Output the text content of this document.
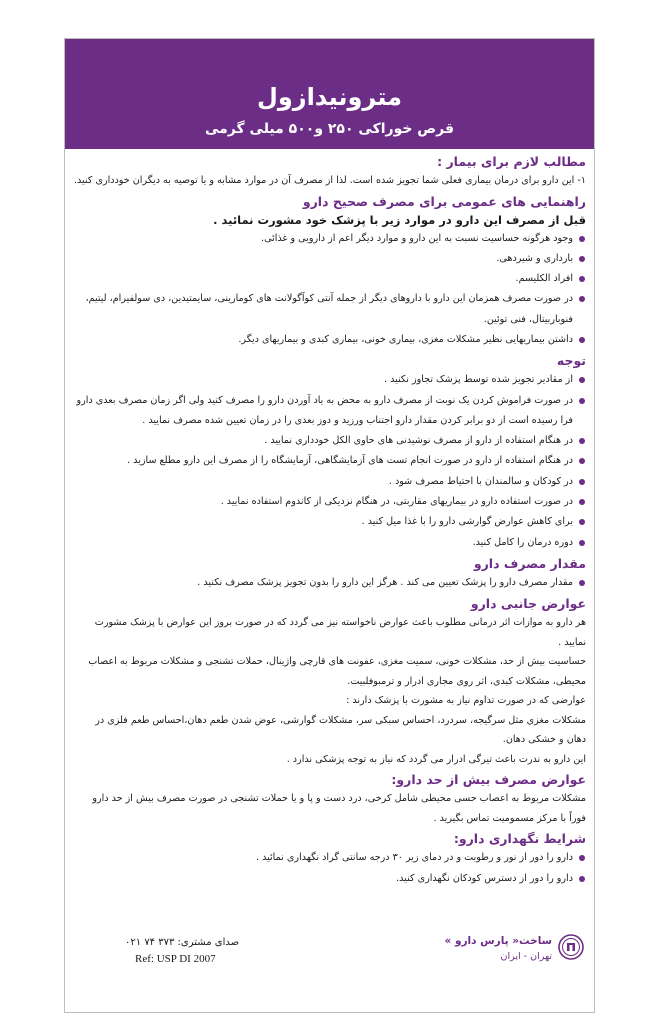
مترونیدازول
قرص خوراکی ۲۵۰ و۵۰۰ میلی گرمی
مطالب لازم برای بیمار :
۱- این دارو برای درمان بیماری فعلی شما تجویز شده است. لذا از مصرف آن در موارد مشابه و یا توصیه به دیگران خودداری کنید.
راهنمایی های عمومی برای مصرف صحیح دارو
قبل از مصرف این دارو در موارد زیر با پزشک خود مشورت نمائید .
وجود هرگونه حساسیت نسبت به این دارو و موارد دیگر اعم از دارویی و غذائی.
بارداری و شیردهی.
افراد الکلیسم.
در صورت مصرف همزمان این دارو با داروهای دیگر از جمله آنتی کوآگولانت های کومارینی، سایمتیدین، دی سولفیرام، لیتیم، فنوباربیتال، فنی توئین.
داشتن بیماریهایی نظیر مشکلات مغزی، بیماری خونی، بیماری کبدی و بیماریهای دیگر.
توجه
از مقادیر تجویز شده توسط پزشک تجاوز نکنید .
در صورت فراموش کردن یک نوبت از مصرف دارو به محض به یاد آوردن دارو را مصرف کنید ولی اگر زمان مصرف بعدی دارو فرا رسیده است از دو برابر کردن مقدار دارو اجتناب ورزید و دوز بعدی را در زمان تعیین شده مصرف نمایید .
در هنگام استفاده از دارو از مصرف نوشیدنی های حاوی الکل خودداری نمایید .
در هنگام استفاده از دارو در صورت انجام تست های آزمایشگاهی، آزمایشگاه را از مصرف این دارو مطلع سازید .
در کودکان و سالمندان با احتیاط مصرف شود .
در صورت استفاده دارو در بیماریهای مقاربتی، در هنگام نزدیکی از کاندوم استفاده نمایید .
برای کاهش عوارض گوارشی دارو را با غذا میل کنید .
دوره درمان را کامل کنید.
مقدار مصرف دارو
مقدار مصرف دارو را پزشک تعیین می کند . هرگز این دارو را بدون تجویز پزشک مصرف نکنید .
عوارض جانبی دارو
هر دارو به موازات اثر درمانی مطلوب باعث عوارض ناخواسته نیز می گردد که در صورت بروز این عوارض با پزشک مشورت نمایید .
حساسیت بیش از حد، مشکلات خونی، سمیت مغزی، عفونت های قارچی واژینال، حملات تشنجی و مشکلات مربوط به اعصاب محیطی، مشکلات کبدی، اثر روی مجاری ادرار و ترمبوفلبیت.
عوارضی که در صورت تداوم نیاز به مشورت با پزشک دارند :
مشکلات مغزی مثل سرگیجه، سردرد، احساس سبکی سر، مشکلات گوارشی، عوض شدن طعم دهان،احساس طعم فلزی در دهان و خشکی دهان.
این دارو به ندرت باعث تیرگی ادرار می گردد که نیاز به توجه پزشکی ندارد .
عوارض مصرف بیش از حد دارو:
مشکلات مربوط به اعصاب حسی محیطی شامل کرخی، درد دست و پا و یا حملات تشنجی در صورت مصرف بیش از حد دارو فوراً با مرکز مسمومیت تماس بگیرید .
شرایط نگهداری دارو:
دارو را دور از نور و رطوبت و در دمای زیر ۳۰ درجه سانتی گراد نگهداری نمائید .
دارو را دور از دسترس کودکان نگهداری کنید.
ساخت« پارس دارو »
تهران - ایران
صدای مشتری: ۳۷۳ ۷۴ ۰۲۱
Ref: USP DI 2007
